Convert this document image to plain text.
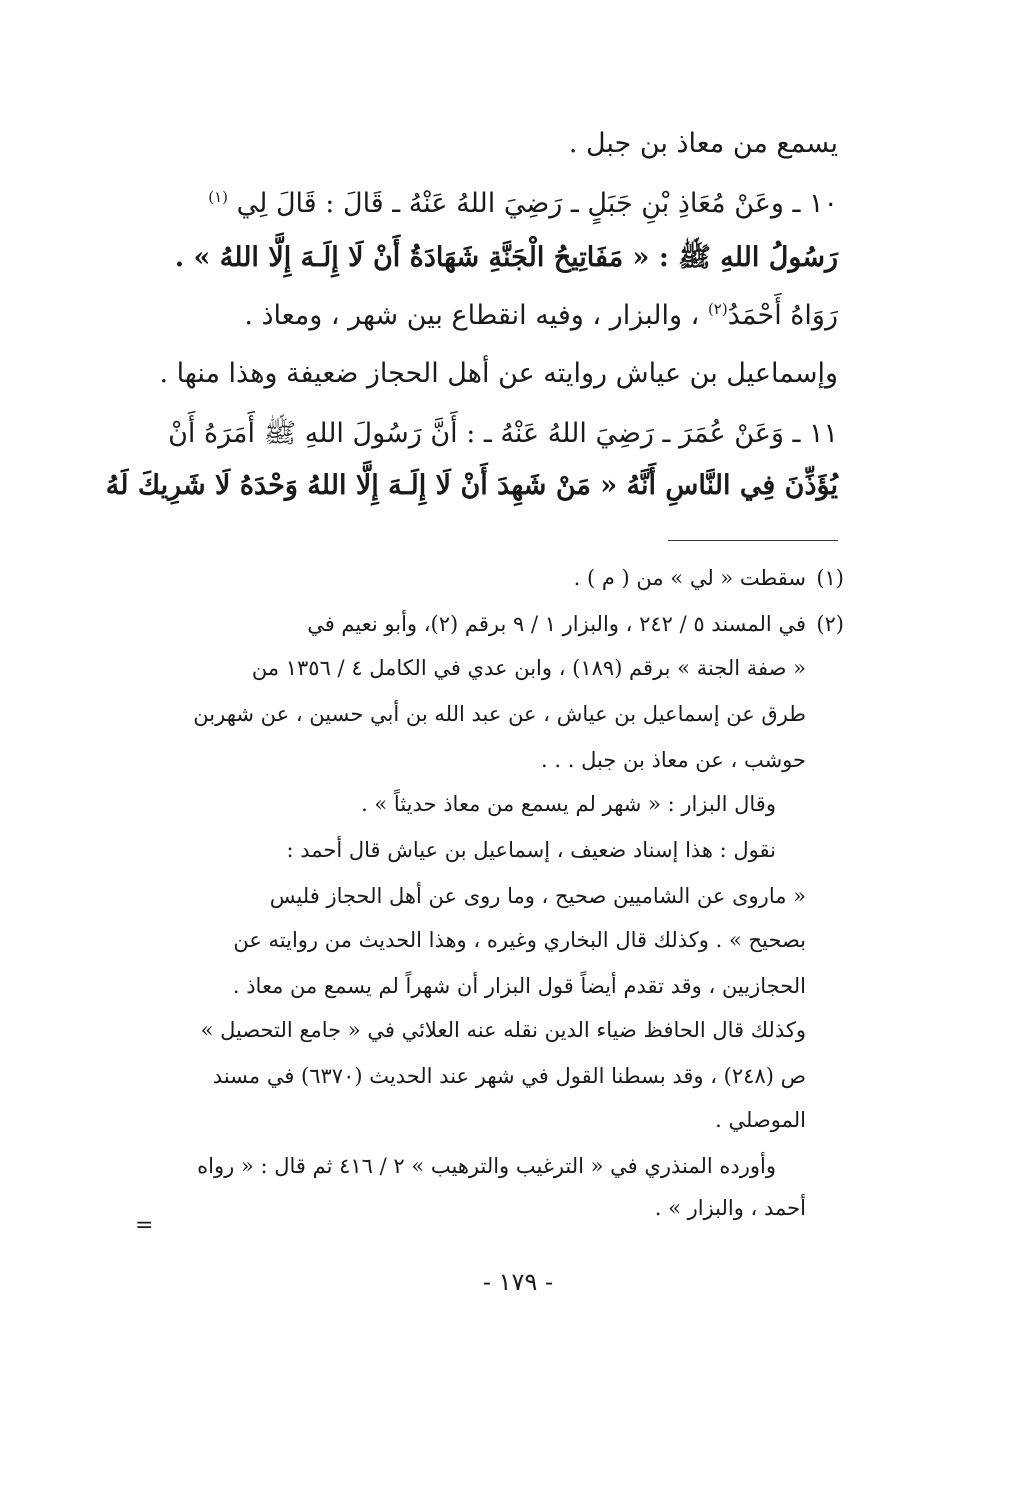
يسمع من معاذ بن جبل .
١٠ ـ وعَنْ مُعَاذِ بْنِ جَبَلٍ ـ رَضِيَ اللهُ عَنْهُ ـ قَالَ : قَالَ لِي $^{(١)}$
رَسُولُ اللهِ ﷺ : « مَفَاتِيحُ الْجَنَّةِ شَهَادَةُ أَنْ لَا إِلَـهَ إِلَّا اللهُ » .
رَوَاهُ أَحْمَدُ$^{(٢)}$ ، والبزار ، وفيه انقطاع بين شهر ، ومعاذ .
وإسماعيل بن عياش روايته عن أهل الحجاز ضعيفة وهذا منها .
١١ ـ وَعَنْ عُمَرَ ـ رَضِيَ اللهُ عَنْهُ ـ : أَنَّ رَسُولَ اللهِ ﷺ أَمَرَهُ أَنْ
يُؤَذِّنَ فِي النَّاسِ أَنَّهُ « مَنْ شَهِدَ أَنْ لَا إِلَـهَ إِلَّا اللهُ وَحْدَهُ لَا شَرِيكَ لَهُ
(١)
سقطت « لي » من ( م ) .
(٢)
في المسند ٥ / ٢٤٢ ، والبزار ١ / ٩ برقم (٢)، وأبو نعيم في
« صفة الجنة » برقم (١٨٩) ، وابن عدي في الكامل ٤ / ١٣٥٦ من
طرق عن إسماعيل بن عياش ، عن عبد الله بن أبي حسين ، عن شهربن
حوشب ، عن معاذ بن جبل . . .
وقال البزار : « شهر لم يسمع من معاذ حديثاً » .
نقول : هذا إسناد ضعيف ، إسماعيل بن عياش قال أحمد :
« ماروى عن الشاميين صحيح ، وما روى عن أهل الحجاز فليس
بصحيح » . وكذلك قال البخاري وغيره ، وهذا الحديث من روايته عن
الحجازيين ، وقد تقدم أيضاً قول البزار أن شهراً لم يسمع من معاذ .
وكذلك قال الحافظ ضياء الدين نقله عنه العلائي في « جامع التحصيل »
ص (٢٤٨) ، وقد بسطنا القول في شهر عند الحديث (٦٣٧٠) في مسند
الموصلي .
وأورده المنذري في « الترغيب والترهيب » ٢ / ٤١٦ ثم قال : « رواه
أحمد ، والبزار » .
=
- ١٧٩ -
